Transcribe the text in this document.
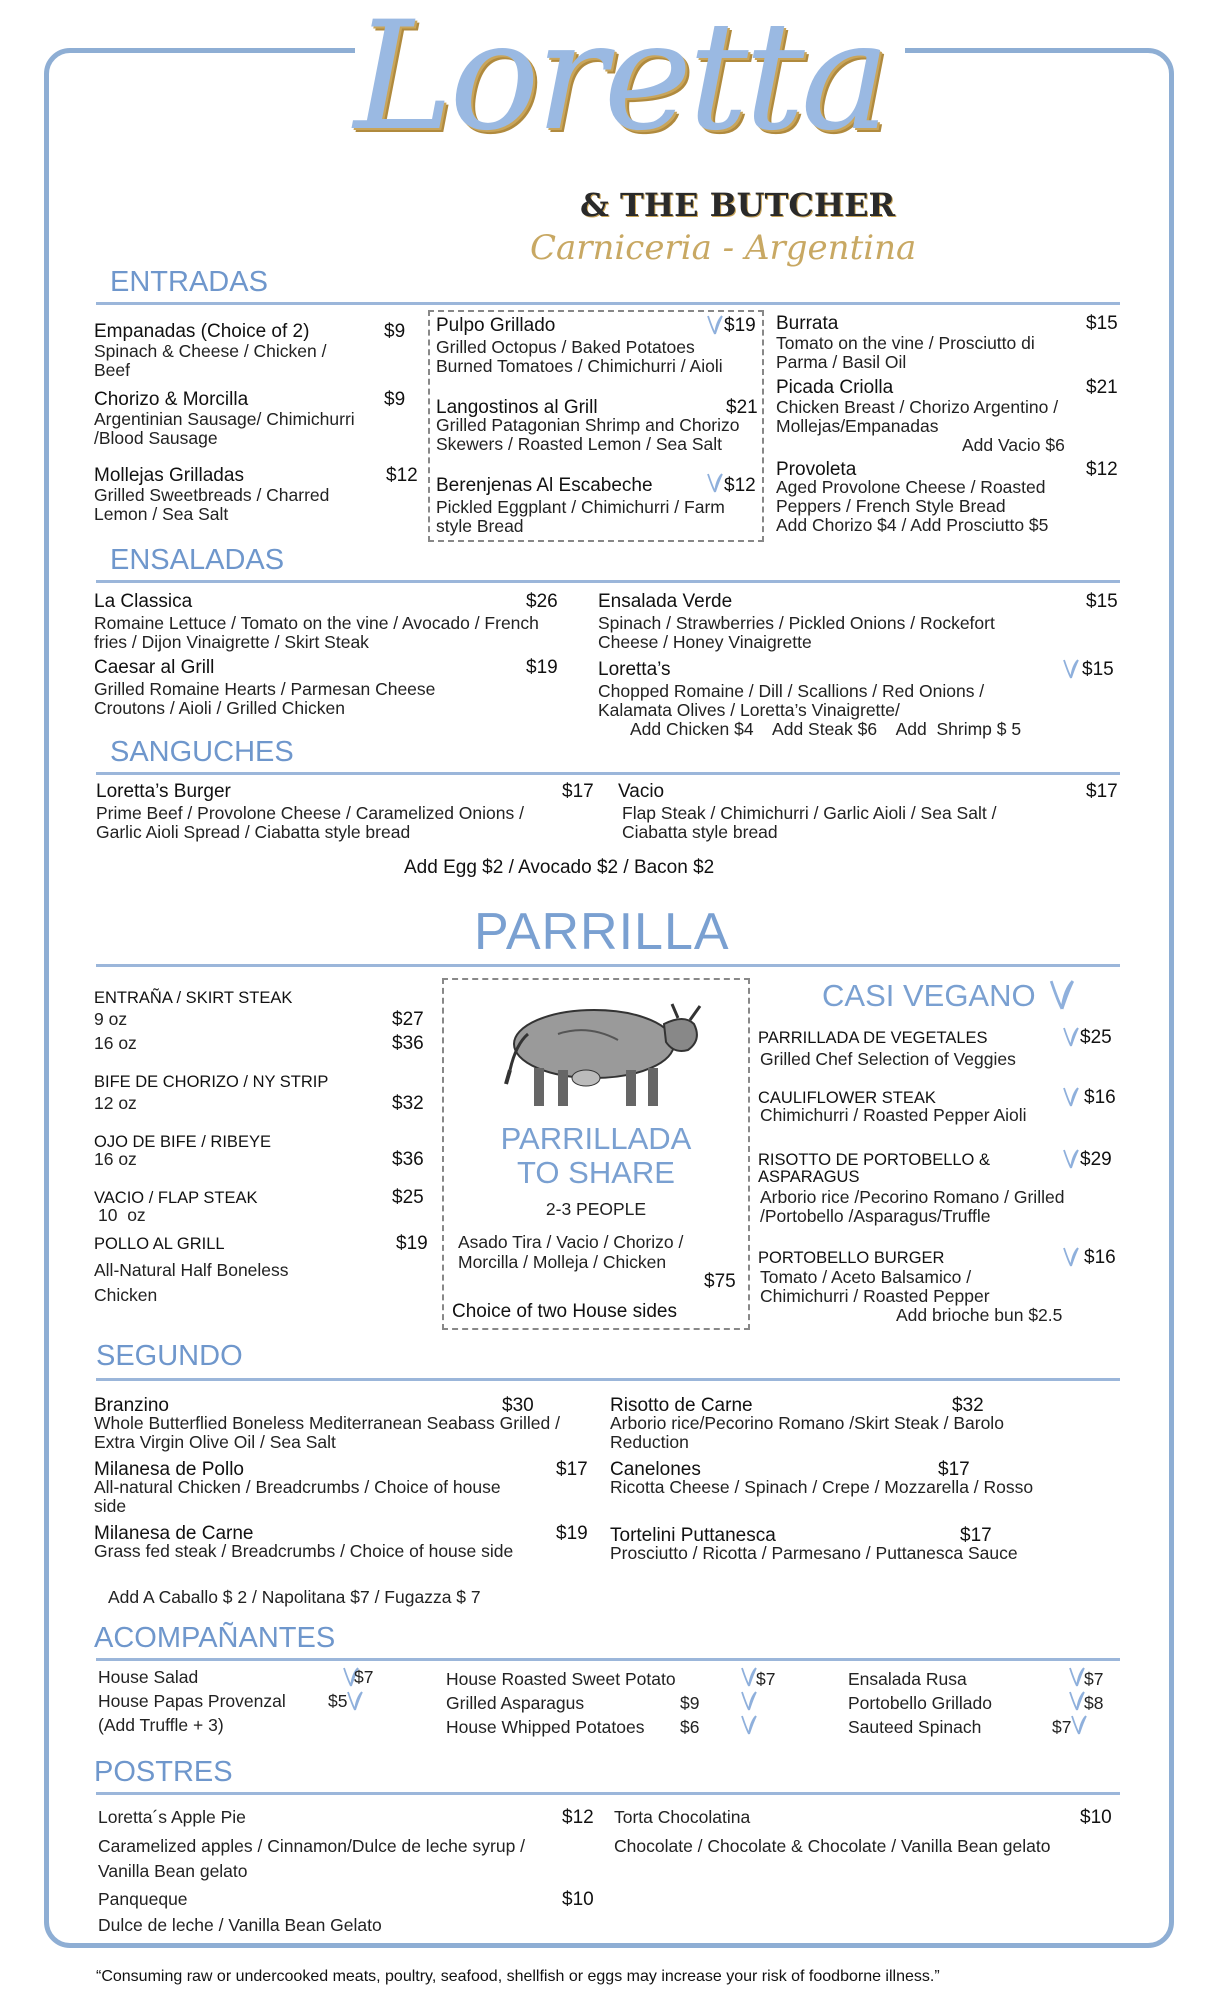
Loretta
& THE BUTCHER
Carniceria - Argentina
ENTRADAS
Empanadas (Choice of 2)	$9
Spinach & Cheese / Chicken / Beef
Chorizo & Morcilla	$9
Argentinian Sausage/ Chimichurri /Blood Sausage
Mollejas Grilladas	$12
Grilled Sweetbreads / Charred Lemon / Sea Salt
Pulpo Grillado	$19
Grilled Octopus / Baked Potatoes Burned Tomatoes / Chimichurri / Aioli
Langostinos al Grill	$21
Grilled Patagonian Shrimp and Chorizo Skewers / Roasted Lemon / Sea Salt
Berenjenas Al Escabeche	$12
Pickled Eggplant / Chimichurri / Farm style Bread
Burrata	$15
Tomato on the vine / Prosciutto di Parma / Basil Oil
Picada Criolla	$21
Chicken Breast / Chorizo Argentino / Mollejas/Empanadas
Add Vacio $6
Provoleta	$12
Aged Provolone Cheese / Roasted Peppers / French Style Bread
Add Chorizo $4 / Add Prosciutto $5
ENSALADAS
La Classica	$26
Romaine Lettuce / Tomato on the vine / Avocado / French fries / Dijon Vinaigrette / Skirt Steak
Caesar al Grill	$19
Grilled Romaine Hearts / Parmesan Cheese Croutons / Aioli / Grilled Chicken
Ensalada Verde	$15
Spinach / Strawberries / Pickled Onions / Rockefort Cheese / Honey Vinaigrette
Loretta’s	$15
Chopped Romaine / Dill / Scallions / Red Onions / Kalamata Olives / Loretta’s Vinaigrette/
Add Chicken $4    Add Steak $6    Add  Shrimp $ 5
SANGUCHES
Loretta’s Burger	$17
Prime Beef / Provolone Cheese / Caramelized Onions / Garlic Aioli Spread / Ciabatta style bread
Vacio	$17
Flap Steak / Chimichurri / Garlic Aioli / Sea Salt / Ciabatta style bread
Add Egg $2 / Avocado $2 / Bacon $2
PARRILLA
ENTRAÑA / SKIRT STEAK
9 oz	$27
16 oz	$36
BIFE DE CHORIZO / NY STRIP
12 oz	$32
OJO DE BIFE / RIBEYE
16 oz	$36
VACIO / FLAP STEAK	$25
10  oz
POLLO AL GRILL	$19
All-Natural Half Boneless Chicken
PARRILLADA
TO SHARE
2-3 PEOPLE
Asado Tira / Vacio / Chorizo / Morcilla / Molleja / Chicken
$75
Choice of two House sides
CASI VEGANO
PARRILLADA DE VEGETALES	$25
Grilled Chef Selection of Veggies
CAULIFLOWER STEAK	$16
Chimichurri / Roasted Pepper Aioli
RISOTTO DE PORTOBELLO & ASPARAGUS
$29
Arborio rice /Pecorino Romano / Grilled /Portobello /Asparagus/Truffle
PORTOBELLO BURGER	$16
Tomato / Aceto Balsamico / Chimichurri / Roasted Pepper
Add brioche bun $2.5
SEGUNDO
Branzino	$30
Whole Butterflied Boneless Mediterranean Seabass Grilled / Extra Virgin Olive Oil / Sea Salt
Milanesa de Pollo	$17
All-natural Chicken / Breadcrumbs / Choice of house side
Milanesa de Carne	$19
Grass fed steak / Breadcrumbs / Choice of house side
Add A Caballo $ 2 / Napolitana $7 / Fugazza $ 7
Risotto de Carne	$32
Arborio rice/Pecorino Romano /Skirt Steak / Barolo Reduction
Canelones	$17
Ricotta Cheese / Spinach / Crepe / Mozzarella / Rosso
Tortelini Puttanesca	$17
Prosciutto / Ricotta / Parmesano / Puttanesca Sauce
ACOMPAÑANTES
House Salad	$7
House Papas Provenzal $5
(Add Truffle + 3)
House Roasted Sweet Potato	$7
Grilled Asparagus	$9
House Whipped Potatoes $6
Ensalada Rusa	$7
Portobello Grillado	$8
Sauteed Spinach	$7
POSTRES
Loretta´s Apple Pie	$12
Caramelized apples / Cinnamon/Dulce de leche syrup / Vanilla Bean gelato
Panqueque	$10
Dulce de leche / Vanilla Bean Gelato
Torta Chocolatina	$10
Chocolate / Chocolate & Chocolate / Vanilla Bean gelato
“Consuming raw or undercooked meats, poultry, seafood, shellfish or eggs may increase your risk of foodborne illness.”
